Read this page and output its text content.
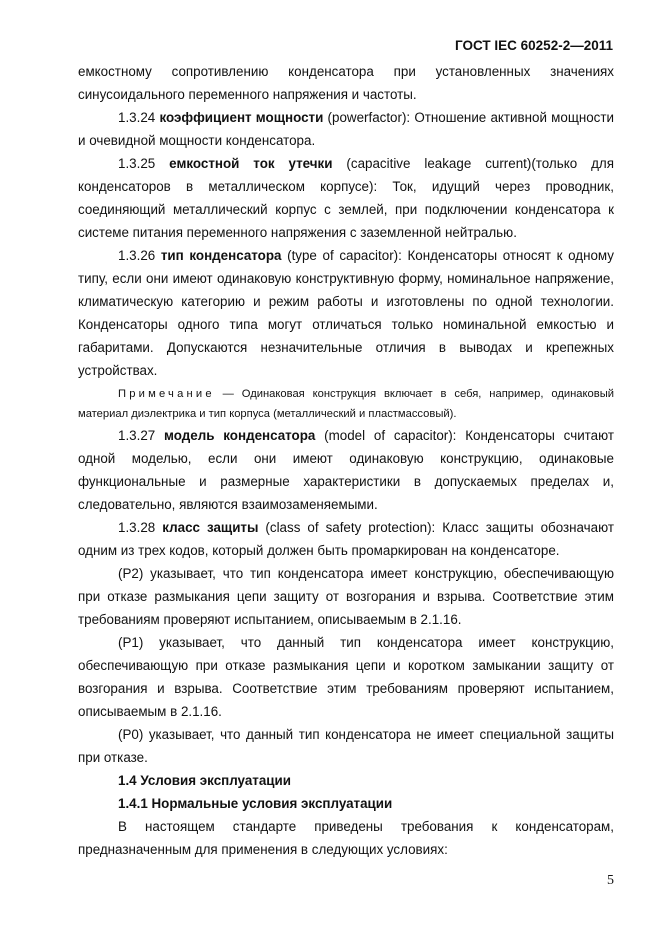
ГОСТ IEC 60252-2—2011

емкостному сопротивлению конденсатора при установленных значениях синусоидального переменного напряжения и частоты.

1.3.24 коэффициент мощности (powerfactor): Отношение активной мощности и очевидной мощности конденсатора.

1.3.25 емкостной ток утечки (capacitive leakage current)(только для конденсаторов в металлическом корпусе): Ток, идущий через проводник, соединяющий металлический корпус с землей, при подключении конденсатора к системе питания переменного напряжения с заземленной нейтралью.

1.3.26 тип конденсатора (type of capacitor): Конденсаторы относят к одному типу, если они имеют одинаковую конструктивную форму, номинальное напряжение, климатическую категорию и режим работы и изготовлены по одной технологии. Конденсаторы одного типа могут отличаться только номинальной емкостью и габаритами. Допускаются незначительные отличия в выводах и крепежных устройствах.

Примечание — Одинаковая конструкция включает в себя, например, одинаковый материал диэлектрика и тип корпуса (металлический и пластмассовый).

1.3.27 модель конденсатора (model of capacitor): Конденсаторы считают одной моделью, если они имеют одинаковую конструкцию, одинаковые функциональные и размерные характеристики в допускаемых пределах и, следовательно, являются взаимозаменяемыми.

1.3.28 класс защиты (class of safety protection): Класс защиты обозначают одним из трех кодов, который должен быть промаркирован на конденсаторе.

(P2) указывает, что тип конденсатора имеет конструкцию, обеспечивающую при отказе размыкания цепи защиту от возгорания и взрыва. Соответствие этим требованиям проверяют испытанием, описываемым в 2.1.16.

(P1) указывает, что данный тип конденсатора имеет конструкцию, обеспечивающую при отказе размыкания цепи и коротком замыкании защиту от возгорания и взрыва. Соответствие этим требованиям проверяют испытанием, описываемым в 2.1.16.

(P0) указывает, что данный тип конденсатора не имеет специальной защиты при отказе.

1.4 Условия эксплуатации

1.4.1 Нормальные условия эксплуатации

В настоящем стандарте приведены требования к конденсаторам, предназначенным для применения в следующих условиях:

5
